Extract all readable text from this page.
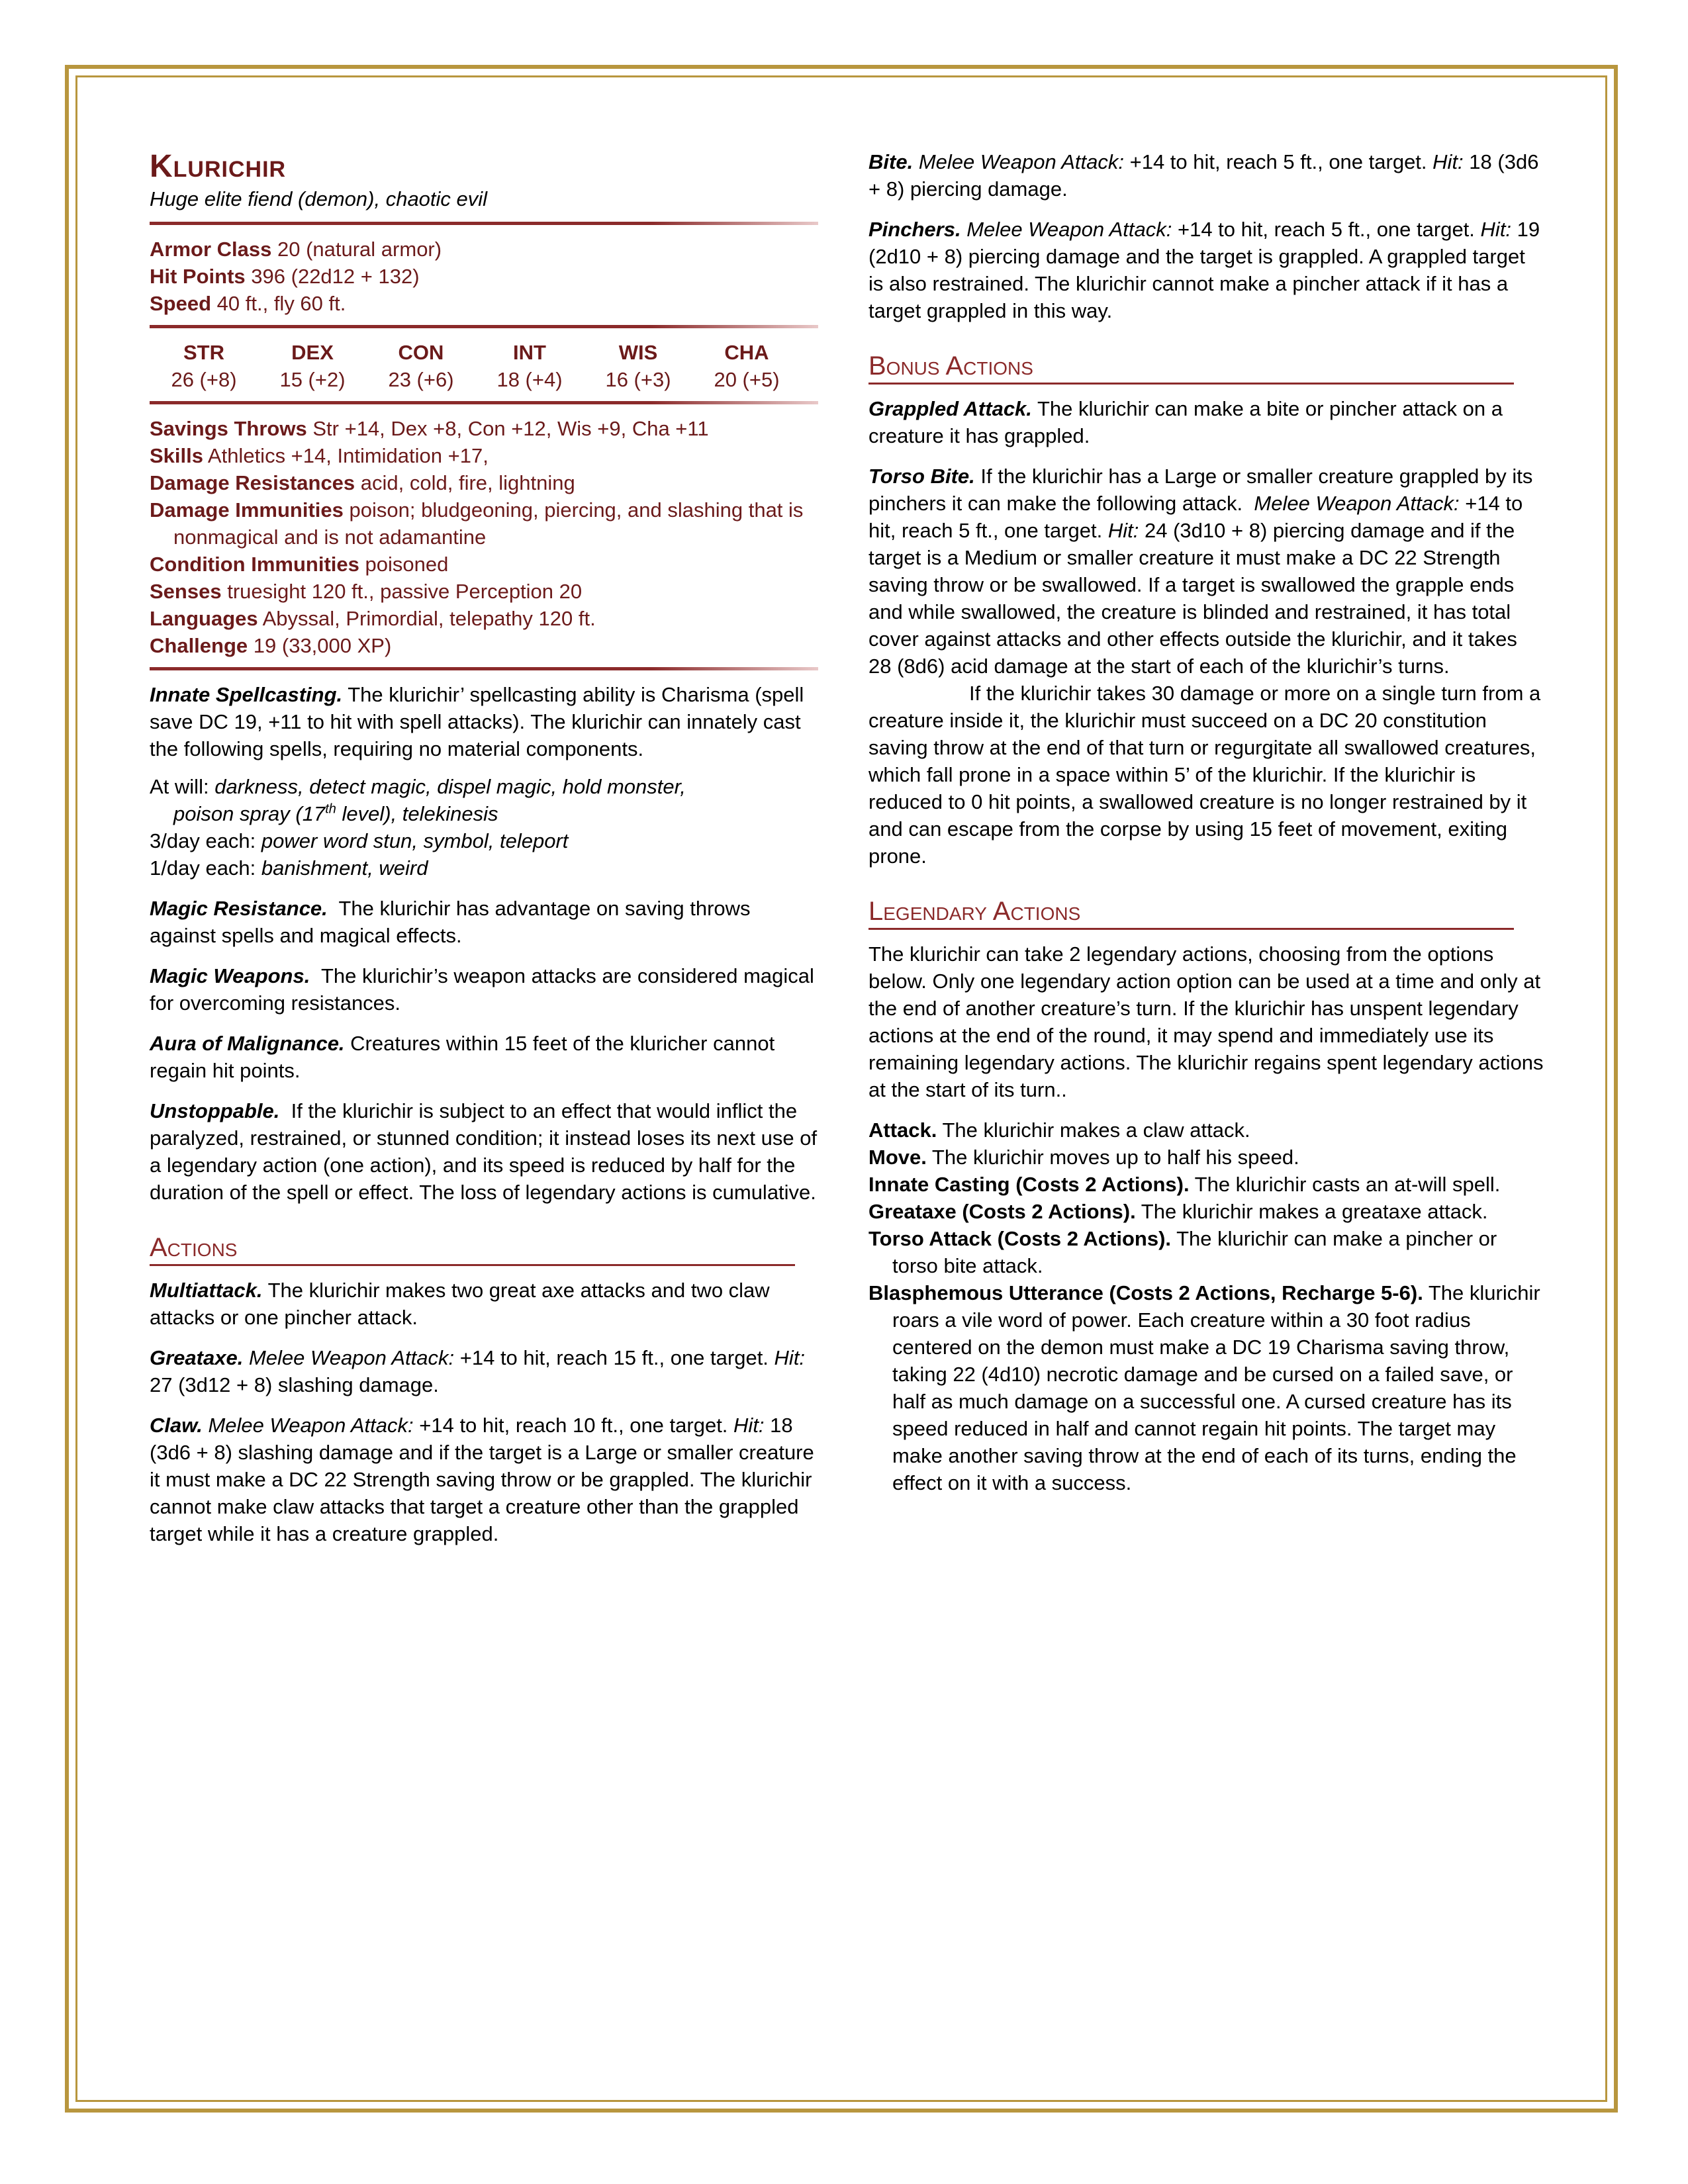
Klurichir

Huge elite fiend (demon), chaotic evil

Armor Class 20 (natural armor)

Hit Points 396 (22d12 + 132)

Speed 40 ft., fly 60 ft.

STR	DEX	CON	INT	WIS	CHA
26 (+8)	15 (+2)	23 (+6)	18 (+4)	16 (+3)	20 (+5)

Savings Throws Str +14, Dex +8, Con +12, Wis +9, Cha +11

Skills Athletics +14, Intimidation +17,

Damage Resistances acid, cold, fire, lightning

Damage Immunities poison; bludgeoning, piercing, and slashing that is nonmagical and is not adamantine

Condition Immunities poisoned

Senses truesight 120 ft., passive Perception 20

Languages Abyssal, Primordial, telepathy 120 ft.

Challenge 19 (33,000 XP)

Innate Spellcasting. The klurichir’ spellcasting ability is Charisma (spell save DC 19, +11 to hit with spell attacks). The klurichir can innately cast the following spells, requiring no material components.

At will: darkness, detect magic, dispel magic, hold monster,
poison spray (17th level), telekinesis

3/day each: power word stun, symbol, teleport

1/day each: banishment, weird

Magic Resistance. The klurichir has advantage on saving throws against spells and magical effects.

Magic Weapons. The klurichir’s weapon attacks are considered magical for overcoming resistances.

Aura of Malignance. Creatures within 15 feet of the kluricher cannot regain hit points.

Unstoppable. If the klurichir is subject to an effect that would inflict the paralyzed, restrained, or stunned condition; it instead loses its next use of a legendary action (one action), and its speed is reduced by half for the duration of the spell or effect. The loss of legendary actions is cumulative.

Actions

Multiattack. The klurichir makes two great axe attacks and two claw attacks or one pincher attack.

Greataxe. Melee Weapon Attack: +14 to hit, reach 15 ft., one target. Hit: 27 (3d12 + 8) slashing damage.

Claw. Melee Weapon Attack: +14 to hit, reach 10 ft., one target. Hit: 18 (3d6 + 8) slashing damage and if the target is a Large or smaller creature it must make a DC 22 Strength saving throw or be grappled. The klurichir cannot make claw attacks that target a creature other than the grappled target while it has a creature grappled.

Bite. Melee Weapon Attack: +14 to hit, reach 5 ft., one target. Hit: 18 (3d6 + 8) piercing damage.

Pinchers. Melee Weapon Attack: +14 to hit, reach 5 ft., one target. Hit: 19 (2d10 + 8) piercing damage and the target is grappled. A grappled target is also restrained. The klurichir cannot make a pincher attack if it has a target grappled in this way.

Bonus Actions

Grappled Attack. The klurichir can make a bite or pincher attack on a creature it has grappled.

Torso Bite. If the klurichir has a Large or smaller creature grappled by its pinchers it can make the following attack. Melee Weapon Attack: +14 to hit, reach 5 ft., one target. Hit: 24 (3d10 + 8) piercing damage and if the target is a Medium or smaller creature it must make a DC 22 Strength saving throw or be swallowed. If a target is swallowed the grapple ends and while swallowed, the creature is blinded and restrained, it has total cover against attacks and other effects outside the klurichir, and it takes 28 (8d6) acid damage at the start of each of the klurichir’s turns.

If the klurichir takes 30 damage or more on a single turn from a creature inside it, the klurichir must succeed on a DC 20 constitution saving throw at the end of that turn or regurgitate all swallowed creatures, which fall prone in a space within 5’ of the klurichir. If the klurichir is reduced to 0 hit points, a swallowed creature is no longer restrained by it and can escape from the corpse by using 15 feet of movement, exiting prone.

Legendary Actions

The klurichir can take 2 legendary actions, choosing from the options below. Only one legendary action option can be used at a time and only at the end of another creature’s turn. If the klurichir has unspent legendary actions at the end of the round, it may spend and immediately use its remaining legendary actions. The klurichir regains spent legendary actions at the start of its turn..

Attack. The klurichir makes a claw attack.

Move. The klurichir moves up to half his speed.

Innate Casting (Costs 2 Actions). The klurichir casts an at-will spell.

Greataxe (Costs 2 Actions). The klurichir makes a greataxe attack.

Torso Attack (Costs 2 Actions). The klurichir can make a pincher or torso bite attack.

Blasphemous Utterance (Costs 2 Actions, Recharge 5-6). The klurichir roars a vile word of power. Each creature within a 30 foot radius centered on the demon must make a DC 19 Charisma saving throw, taking 22 (4d10) necrotic damage and be cursed on a failed save, or half as much damage on a successful one. A cursed creature has its speed reduced in half and cannot regain hit points. The target may make another saving throw at the end of each of its turns, ending the effect on it with a success.
